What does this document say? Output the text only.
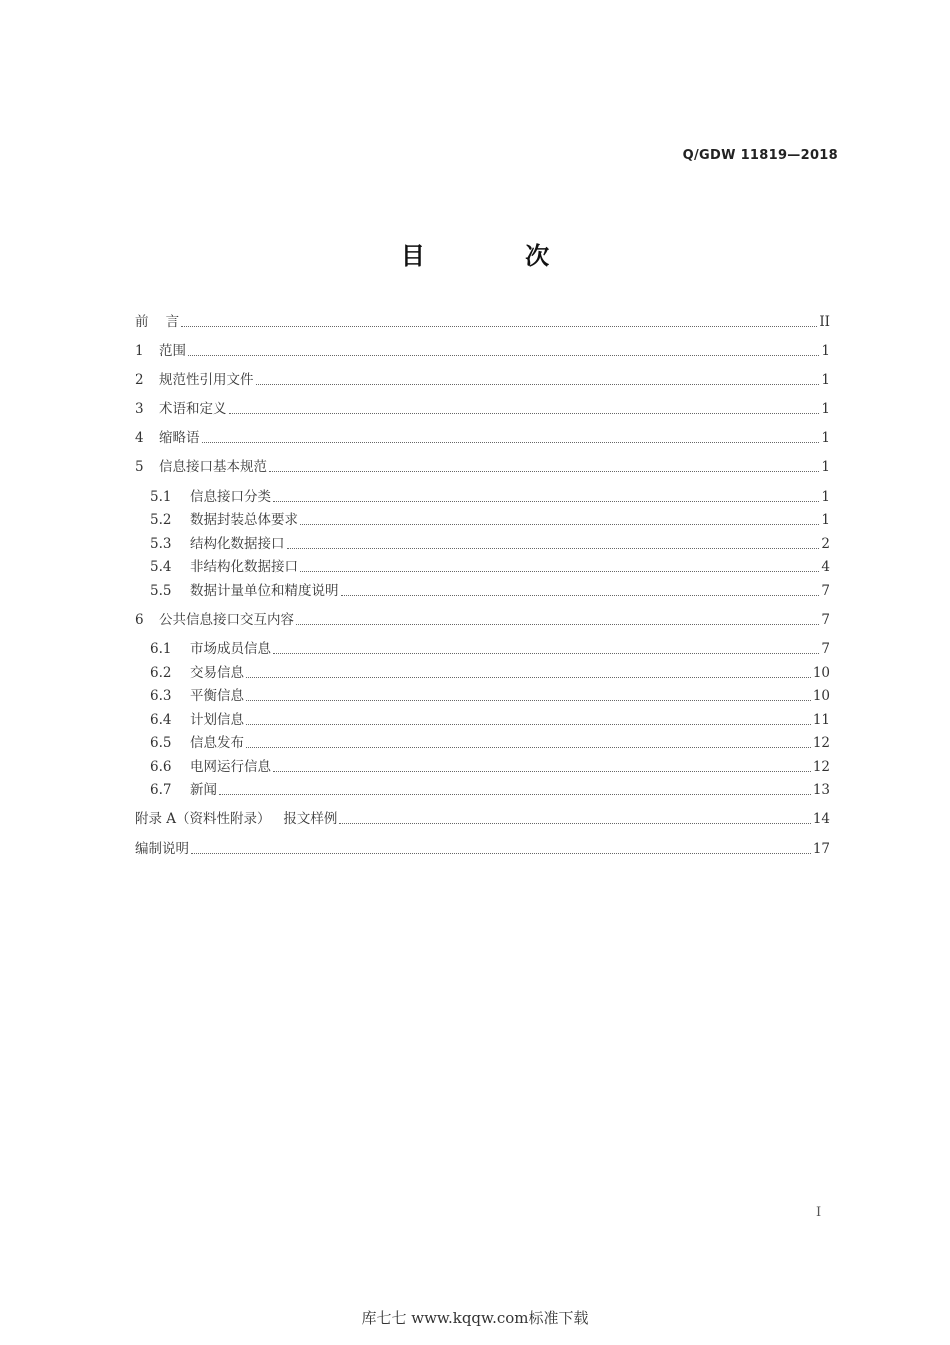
Q/GDW 11819—2018
目 次
前    言	II
1	范围	1
2	规范性引用文件	1
3	术语和定义	1
4	缩略语	1
5	信息接口基本规范	1
5.1	信息接口分类	1
5.2	数据封装总体要求	1
5.3	结构化数据接口	2
5.4	非结构化数据接口	4
5.5	数据计量单位和精度说明	7
6	公共信息接口交互内容	7
6.1	市场成员信息	7
6.2	交易信息	10
6.3	平衡信息	10
6.4	计划信息	11
6.5	信息发布	12
6.6	电网运行信息	12
6.7	新闻	13
附录 A（资料性附录）   报文样例	14
编制说明	17
I
库七七 www.kqqw.com标准下载
